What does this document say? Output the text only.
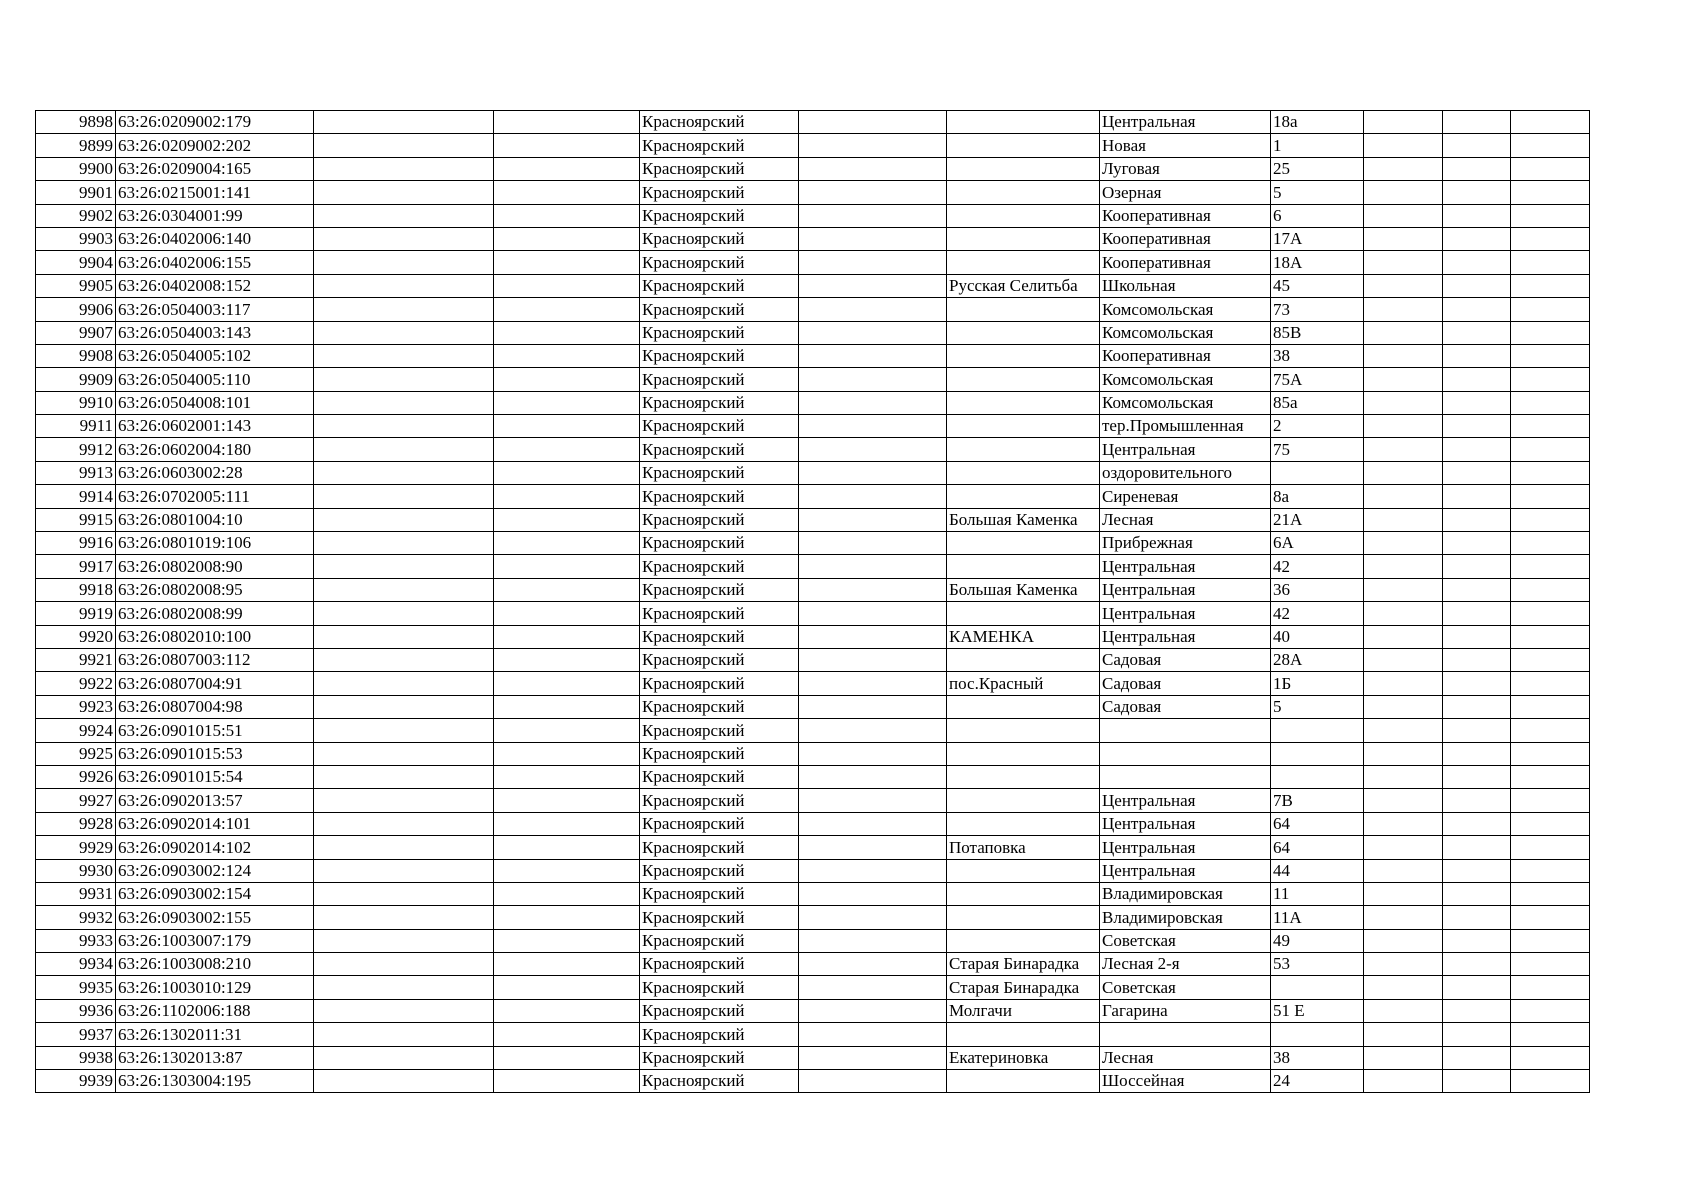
9898	63:26:0209002:179			Красноярский			Центральная	18а			
9899	63:26:0209002:202			Красноярский			Новая	1			
9900	63:26:0209004:165			Красноярский			Луговая	25			
9901	63:26:0215001:141			Красноярский			Озерная	5			
9902	63:26:0304001:99			Красноярский			Кооперативная	6			
9903	63:26:0402006:140			Красноярский			Кооперативная	17А			
9904	63:26:0402006:155			Красноярский			Кооперативная	18А			
9905	63:26:0402008:152			Красноярский		Русская Селитьба	Школьная	45			
9906	63:26:0504003:117			Красноярский			Комсомольская	73			
9907	63:26:0504003:143			Красноярский			Комсомольская	85В			
9908	63:26:0504005:102			Красноярский			Кооперативная	38			
9909	63:26:0504005:110			Красноярский			Комсомольская	75А			
9910	63:26:0504008:101			Красноярский			Комсомольская	85а			
9911	63:26:0602001:143			Красноярский			тер.Промышленная	2			
9912	63:26:0602004:180			Красноярский			Центральная	75			
9913	63:26:0603002:28			Красноярский			оздоровительного				
9914	63:26:0702005:111			Красноярский			Сиреневая	8а			
9915	63:26:0801004:10			Красноярский		Большая Каменка	Лесная	21А			
9916	63:26:0801019:106			Красноярский			Прибрежная	6А			
9917	63:26:0802008:90			Красноярский			Центральная	42			
9918	63:26:0802008:95			Красноярский		Большая Каменка	Центральная	36			
9919	63:26:0802008:99			Красноярский			Центральная	42			
9920	63:26:0802010:100			Красноярский		КАМЕНКА	Центральная	40			
9921	63:26:0807003:112			Красноярский			Садовая	28А			
9922	63:26:0807004:91			Красноярский		пос.Красный	Садовая	1Б			
9923	63:26:0807004:98			Красноярский			Садовая	5			
9924	63:26:0901015:51			Красноярский							
9925	63:26:0901015:53			Красноярский							
9926	63:26:0901015:54			Красноярский							
9927	63:26:0902013:57			Красноярский			Центральная	7В			
9928	63:26:0902014:101			Красноярский			Центральная	64			
9929	63:26:0902014:102			Красноярский		Потаповка	Центральная	64			
9930	63:26:0903002:124			Красноярский			Центральная	44			
9931	63:26:0903002:154			Красноярский			Владимировская	11			
9932	63:26:0903002:155			Красноярский			Владимировская	11А			
9933	63:26:1003007:179			Красноярский			Советская	49			
9934	63:26:1003008:210			Красноярский		Старая Бинарадка	Лесная 2-я	53			
9935	63:26:1003010:129			Красноярский		Старая Бинарадка	Советская				
9936	63:26:1102006:188			Красноярский		Молгачи	Гагарина	51 Е			
9937	63:26:1302011:31			Красноярский							
9938	63:26:1302013:87			Красноярский		Екатериновка	Лесная	38			
9939	63:26:1303004:195			Красноярский			Шоссейная	24			
